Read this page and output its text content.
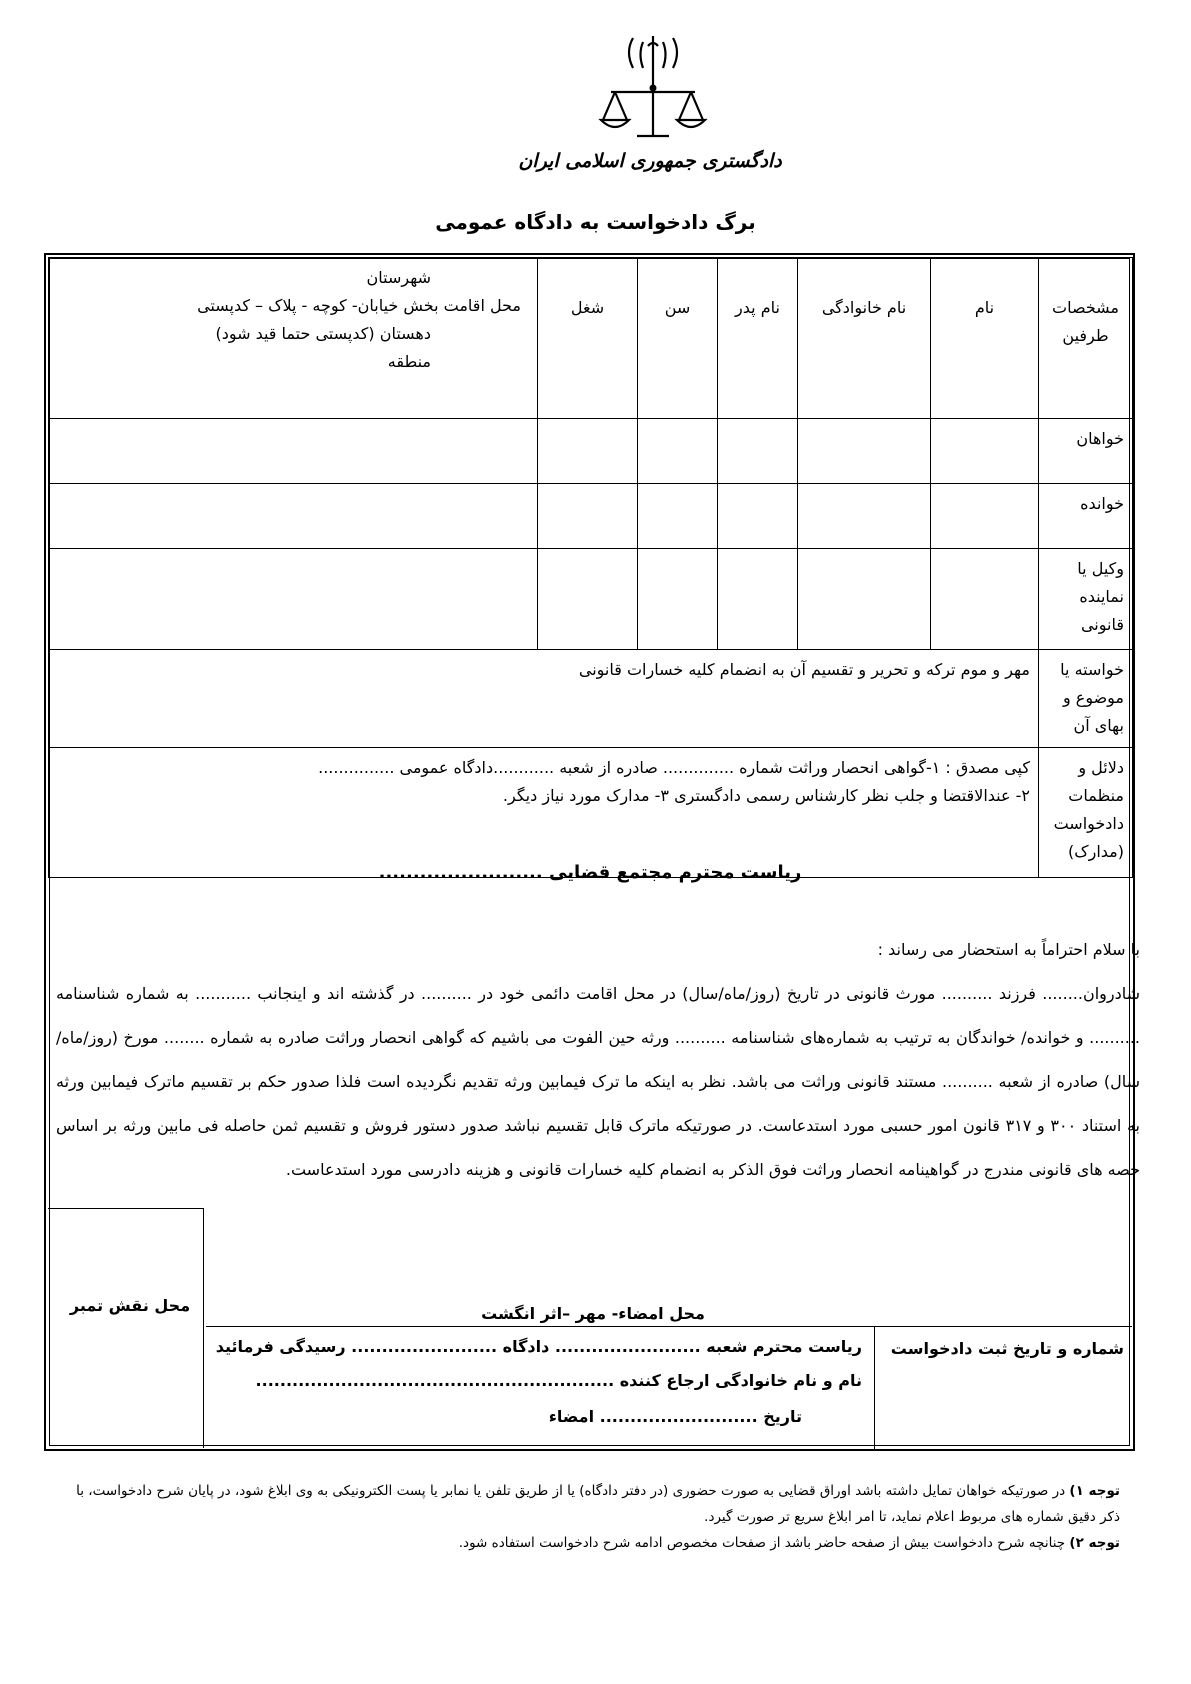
دادگستری جمهوری اسلامی ایران
برگ دادخواست به دادگاه عمومی
مشخصات طرفین	نام	نام خانوادگی	نام پدر	سن	شغل	شهرستان
محل اقامت بخش خیابان- کوچه - پلاک – کدپستی
دهستان (کدپستی حتما قید شود)
منطقه

خواهان						
خوانده						
وکیل یا نماینده قانونی						
خواسته یا موضوع و بهای آن	مهر و موم ترکه و تحریر و تقسیم آن به انضمام کلیه خسارات قانونی					
دلائل و منظمات دادخواست (مدارک)	کپی مصدق : ۱-گواهی انحصار وراثت شماره .............. صادره از شعبه ............دادگاه عمومی ...............
۲- عندالاقتضا و جلب نظر کارشناس رسمی دادگستری ۳- مدارک مورد نیاز دیگر.					
ریاست محترم مجتمع قضایی ........................

با سلام احتراماً به استحضار می رساند :

شادروان........ فرزند .......... مورث قانونی در تاریخ (روز/ماه/سال) در محل اقامت دائمی خود در .......... در گذشته اند و اینجانب ........... به شماره شناسنامه .......... و خوانده/ خواندگان به ترتیب به شماره‌های شناسنامه .......... ورثه حین الفوت می باشیم که گواهی انحصار وراثت صادره به شماره ........ مورخ (روز/ماه/سال) صادره از شعبه .......... مستند قانونی وراثت می باشد. نظر به اینکه ما ترک فیمابین ورثه تقدیم نگردیده است فلذا صدور حکم بر تقسیم ماترک فیمابین ورثه به استناد ۳۰۰ و ۳۱۷ قانون امور حسبی مورد استدعاست. در صورتیکه ماترک قابل تقسیم نباشد صدور دستور فروش و تقسیم ثمن حاصله فی مابین ورثه بر اساس حصه های قانونی مندرج در گواهینامه انحصار وراثت فوق الذکر به انضمام کلیه خسارات قانونی و هزینه دادرسی مورد استدعاست.

محل نقش تمبر	محل امضاء- مهر –اثر انگشت
شماره و تاریخ ثبت دادخواست
ریاست محترم شعبه ........................ دادگاه ........................ رسیدگی فرمائید
نام و نام خانوادگی ارجاع کننده ...........................................................
تاریخ .......................... امضاء
توجه ۱) در صورتیکه خواهان تمایل داشته باشد اوراق قضایی به صورت حضوری (در دفتر دادگاه) یا از طریق تلفن یا نمابر یا پست الکترونیکی به وی ابلاغ شود، در پایان شرح دادخواست، با ذکر دقیق شماره های مربوط اعلام نماید، تا امر ابلاغ سریع تر صورت گیرد.
توجه ۲) چنانچه شرح دادخواست بیش از صفحه حاضر باشد از صفحات مخصوص ادامه شرح دادخواست استفاده شود.
